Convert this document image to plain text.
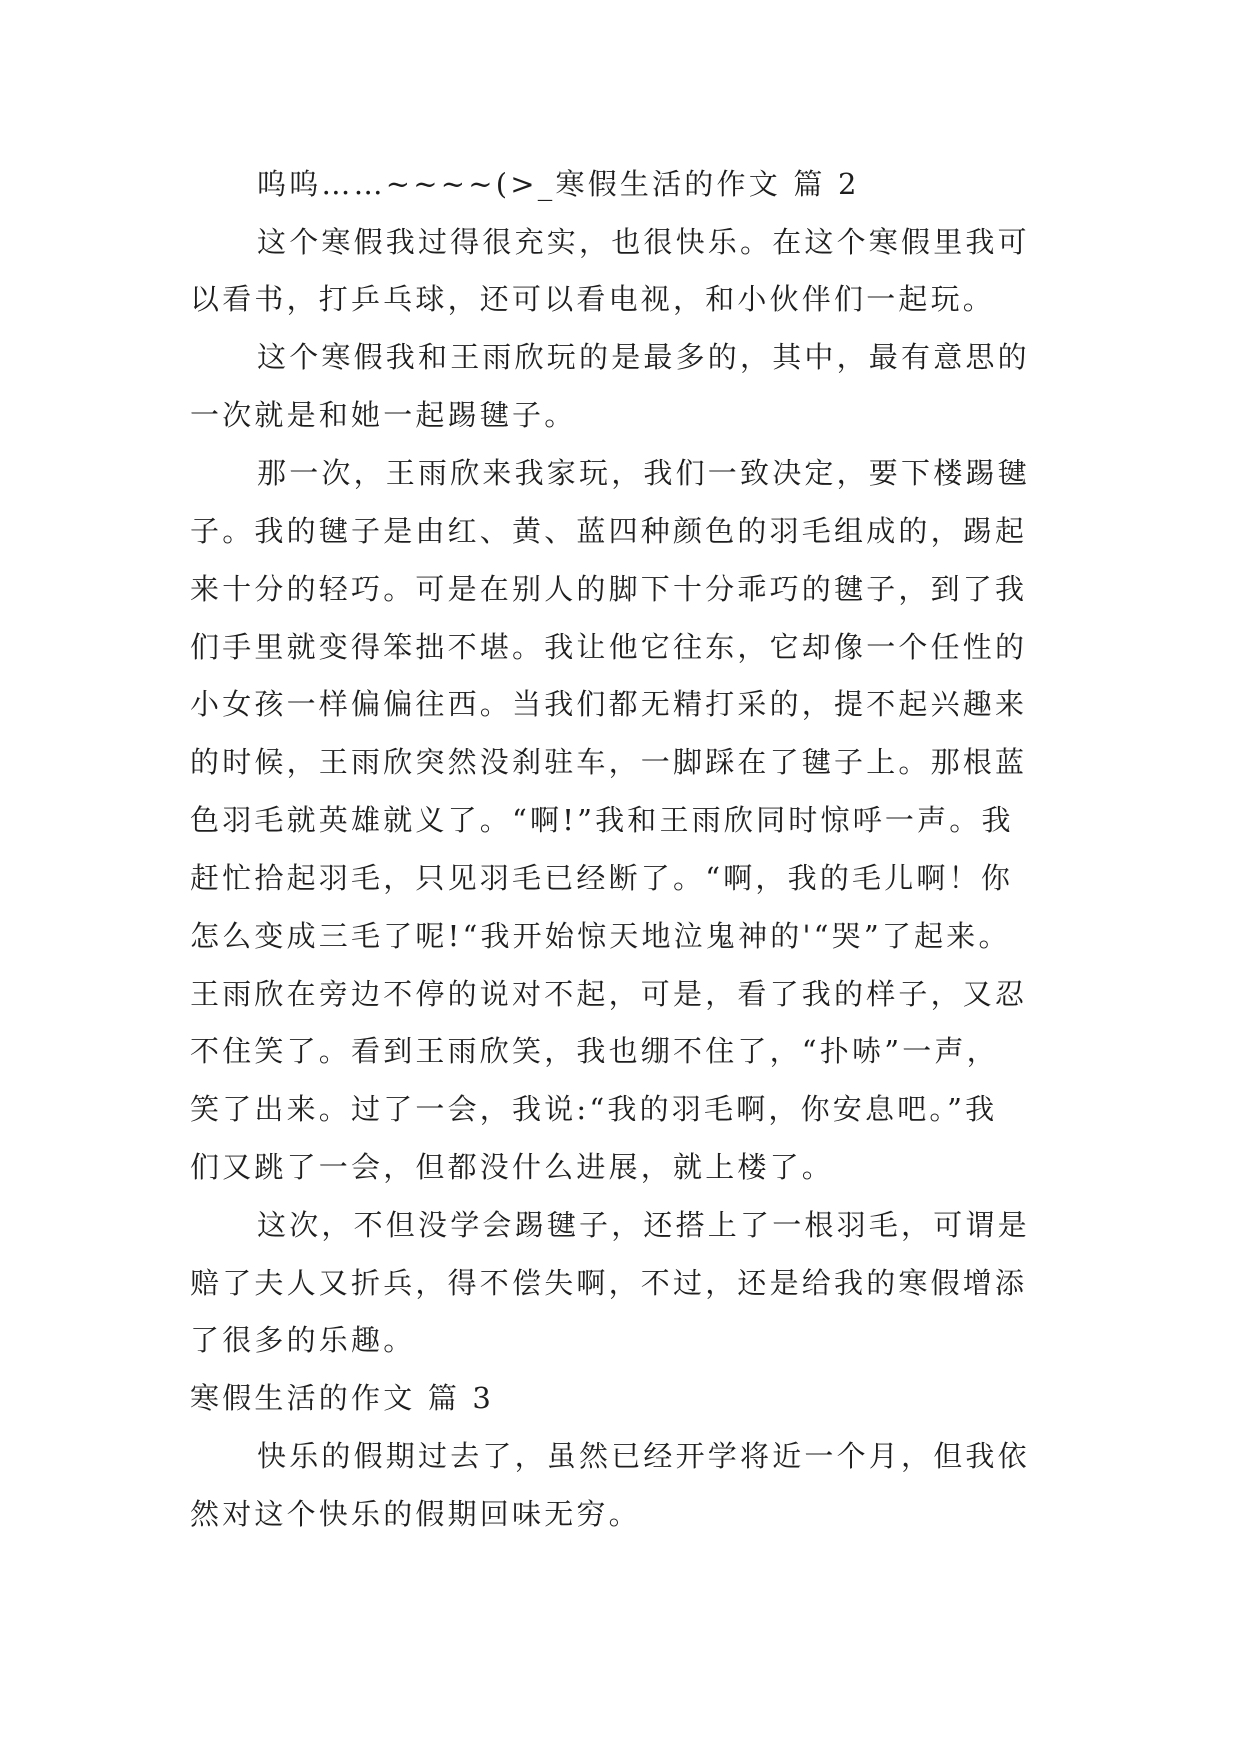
呜呜……~~~~(>_寒假生活的作文 篇 2
这个寒假我过得很充实，也很快乐。在这个寒假里我可
以看书，打乒乓球，还可以看电视，和小伙伴们一起玩。
这个寒假我和王雨欣玩的是最多的，其中，最有意思的
一次就是和她一起踢毽子。
那一次，王雨欣来我家玩，我们一致决定，要下楼踢毽
子。我的毽子是由红、黄、蓝四种颜色的羽毛组成的，踢起
来十分的轻巧。可是在别人的脚下十分乖巧的毽子，到了我
们手里就变得笨拙不堪。我让他它往东，它却像一个任性的
小女孩一样偏偏往西。当我们都无精打采的，提不起兴趣来
的时候，王雨欣突然没刹驻车，一脚踩在了毽子上。那根蓝
色羽毛就英雄就义了。“啊!”我和王雨欣同时惊呼一声。我
赶忙拾起羽毛，只见羽毛已经断了。“啊，我的毛儿啊！你
怎么变成三毛了呢!“我开始惊天地泣鬼神的'“哭”了起来。
王雨欣在旁边不停的说对不起，可是，看了我的样子，又忍
不住笑了。看到王雨欣笑，我也绷不住了，“扑哧”一声，
笑了出来。过了一会，我说:“我的羽毛啊，你安息吧。”我
们又跳了一会，但都没什么进展，就上楼了。
这次，不但没学会踢毽子，还搭上了一根羽毛，可谓是
赔了夫人又折兵，得不偿失啊，不过，还是给我的寒假增添
了很多的乐趣。
寒假生活的作文 篇 3
快乐的假期过去了，虽然已经开学将近一个月，但我依
然对这个快乐的假期回味无穷。
